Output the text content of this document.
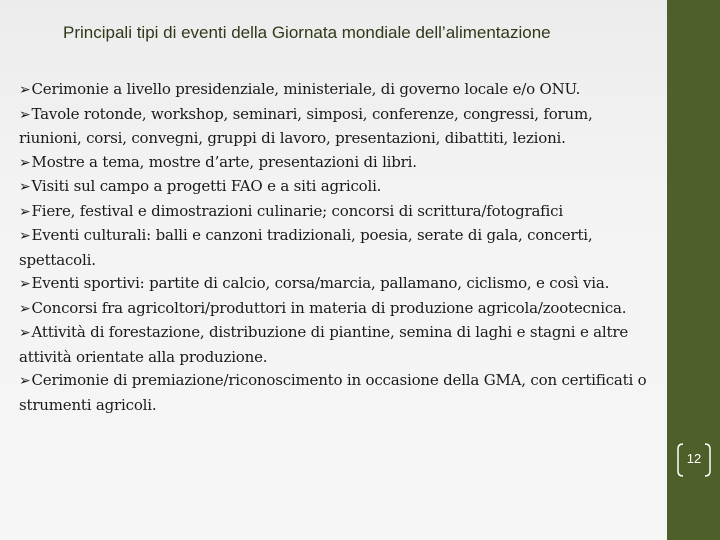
Principali tipi di eventi della Giornata mondiale dell’alimentazione
➢Cerimonie a livello presidenziale, ministeriale, di governo locale e/o ONU.
➢Tavole rotonde, workshop, seminari, simposi, conferenze, congressi, forum, riunioni, corsi, convegni, gruppi di lavoro, presentazioni, dibattiti, lezioni.
➢Mostre a tema, mostre d’arte, presentazioni di libri.
➢Visiti sul campo a progetti FAO e a siti agricoli.
➢Fiere, festival e dimostrazioni culinarie; concorsi di scrittura/fotografici
➢Eventi culturali: balli e canzoni tradizionali, poesia, serate di gala, concerti, spettacoli.
➢Eventi sportivi: partite di calcio, corsa/marcia, pallamano, ciclismo, e così via.
➢Concorsi fra agricoltori/produttori in materia di produzione agricola/zootecnica.
➢Attività di forestazione, distribuzione di piantine, semina di laghi e stagni e altre attività orientate alla produzione.
➢Cerimonie di premiazione/riconoscimento in occasione della GMA, con certificati o strumenti agricoli.
12
